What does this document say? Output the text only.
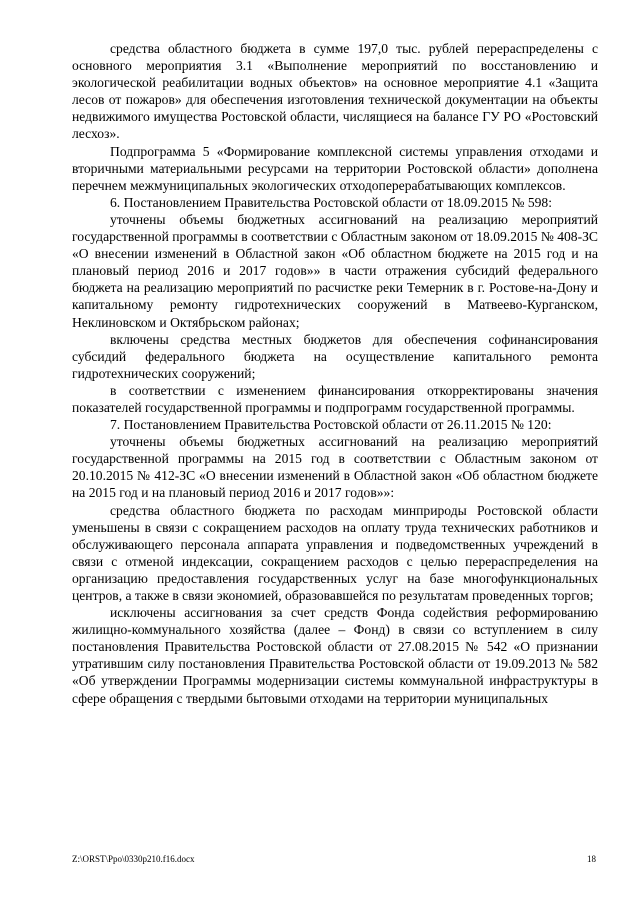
средства областного бюджета в сумме 197,0 тыс. рублей перераспределены с основного мероприятия 3.1 «Выполнение мероприятий по восстановлению и экологической реабилитации водных объектов» на основное мероприятие 4.1 «Защита лесов от пожаров» для обеспечения изготовления технической документации на объекты недвижимого имущества Ростовской области, числящиеся на балансе ГУ РО «Ростовский лесхоз».

Подпрограмма 5 «Формирование комплексной системы управления отходами и вторичными материальными ресурсами на территории Ростовской области» дополнена перечнем межмуниципальных экологических отходоперерабатывающих комплексов.

6. Постановлением Правительства Ростовской области от 18.09.2015 № 598:

уточнены объемы бюджетных ассигнований на реализацию мероприятий государственной программы в соответствии с Областным законом от 18.09.2015 № 408-ЗС «О внесении изменений в Областной закон «Об областном бюджете на 2015 год и на плановый период 2016 и 2017 годов»» в части отражения субсидий федерального бюджета на реализацию мероприятий по расчистке реки Темерник в г. Ростове-на-Дону и капитальному ремонту гидротехнических сооружений в Матвеево-Курганском, Неклиновском и Октябрьском районах;

включены средства местных бюджетов для обеспечения софинансирования субсидий федерального бюджета на осуществление капитального ремонта гидротехнических сооружений;

в соответствии с изменением финансирования откорректированы значения показателей государственной программы и подпрограмм государственной программы.

7. Постановлением Правительства Ростовской области от 26.11.2015 № 120:

уточнены объемы бюджетных ассигнований на реализацию мероприятий государственной программы на 2015 год в соответствии с Областным законом от 20.10.2015 № 412-ЗС «О внесении изменений в Областной закон «Об областном бюджете на 2015 год и на плановый период 2016 и 2017 годов»»:

средства областного бюджета по расходам минприроды Ростовской области уменьшены в связи с сокращением расходов на оплату труда технических работников и обслуживающего персонала аппарата управления и подведомственных учреждений в связи с отменой индексации, сокращением расходов с целью перераспределения на организацию предоставления государственных услуг на базе многофункциональных центров, а также в связи экономией, образовавшейся по результатам проведенных торгов;

исключены ассигнования за счет средств Фонда содействия реформированию жилищно-коммунального хозяйства (далее – Фонд) в связи со вступлением в силу постановления Правительства Ростовской области от 27.08.2015 № 542 «О признании утратившим силу постановления Правительства Ростовской области от 19.09.2013 № 582 «Об утверждении Программы модернизации системы коммунальной инфраструктуры в сфере обращения с твердыми бытовыми отходами на территории муниципальных

Z:\ORST\Ppo\0330p210.f16.docx	18
